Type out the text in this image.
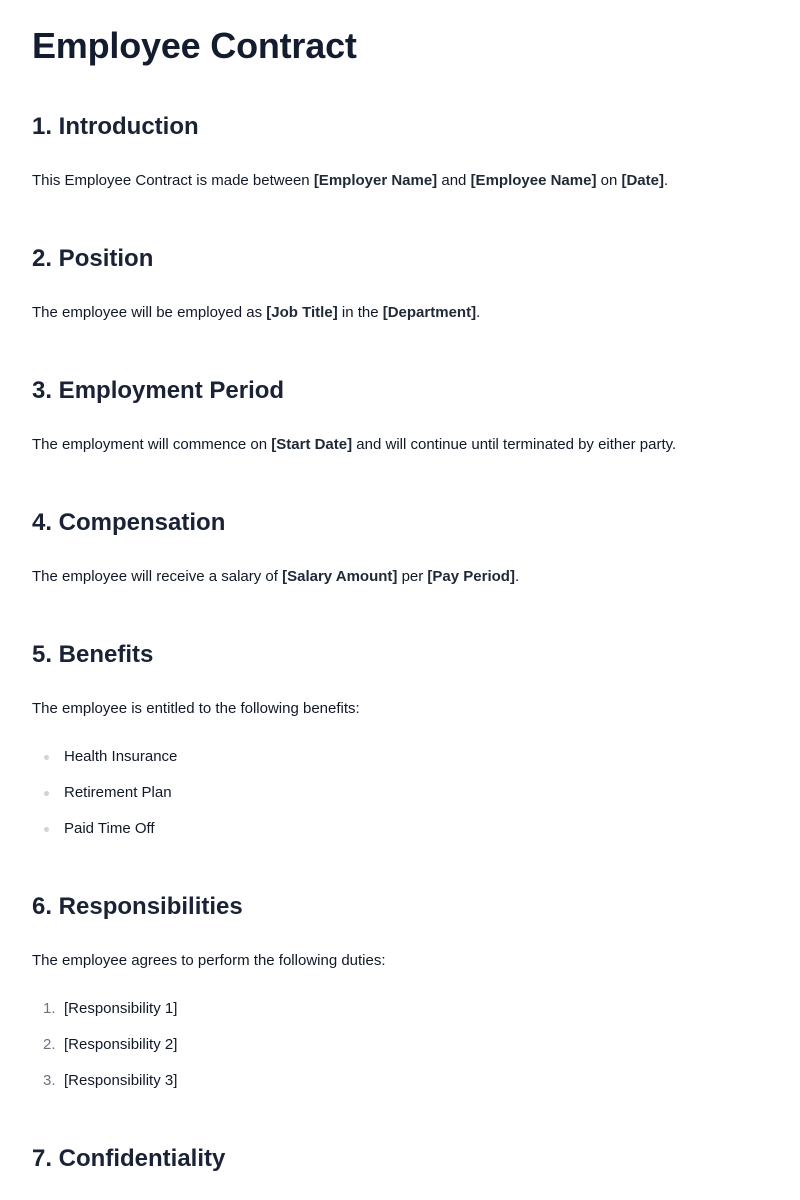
Employee Contract
1. Introduction

This Employee Contract is made between [Employer Name] and [Employee Name] on [Date].

2. Position

The employee will be employed as [Job Title] in the [Department].

3. Employment Period

The employment will commence on [Start Date] and will continue until terminated by either party.

4. Compensation

The employee will receive a salary of [Salary Amount] per [Pay Period].

5. Benefits

The employee is entitled to the following benefits:

Health Insurance
Retirement Plan
Paid Time Off
6. Responsibilities

The employee agrees to perform the following duties:

1. [Responsibility 1]
2. [Responsibility 2]
3. [Responsibility 3]
7. Confidentiality
